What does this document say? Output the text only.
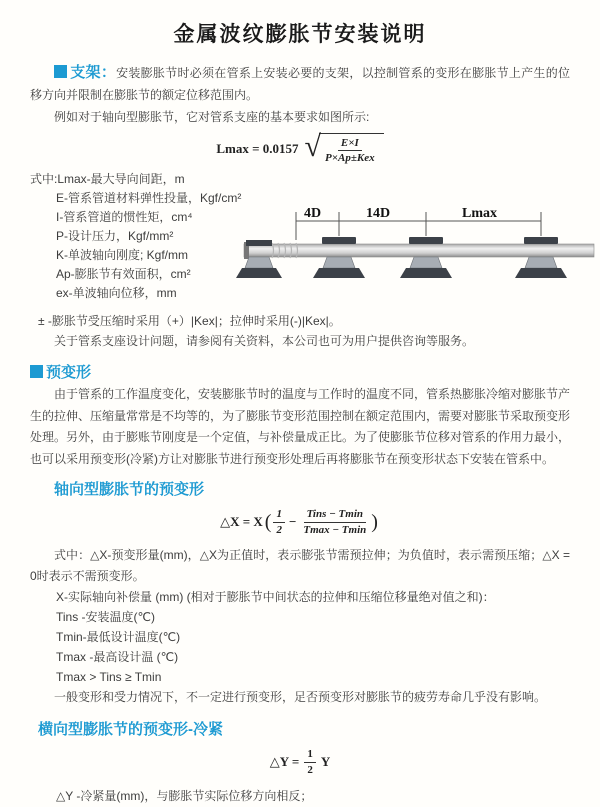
金属波纹膨胀节安装说明

支架：安装膨胀节时必须在管系上安装必要的支架，以控制管系的变形在膨胀节上产生的位移方向并限制在膨胀节的额定位移范围内。

例如对于轴向型膨胀节，它对管系支座的基本要求如图所示:

Lmax = 0.0157 √ E×I
P×Ap±Kex
式中:Lmax-最大导向间距，m
E-管系管道材料弹性投量，Kgf/cm²
I-管系管道的惯性矩，cm⁴
P-设计压力，Kgf/mm²
K-单波轴向刚度; Kgf/mm
Ap-膨胀节有效面积，cm²
ex-单波轴向位移，mm
4D	14D	Lmax

± -膨胀节受压缩时采用（+）|Kex|；拉伸时采用(-)|Kex|。

关于管系支座设计问题，请参阅有关资料，本公司也可为用户提供咨询等服务。

预变形

由于管系的工作温度变化，安装膨胀节时的温度与工作时的温度不同，管系热膨胀冷缩对膨胀节产生的拉伸、压缩量常常是不均等的，为了膨胀节变形范围控制在额定范围内，需要对膨胀节采取预变形处理。另外，由于膨账节刚度是一个定值，与补偿量成正比。为了使膨胀节位移对管系的作用力最小，也可以采用预变形(冷紧)方让对膨胀节进行预变形处理后再将膨胀节在预变形状态下安装在管系中。

轴向型膨胀节的预变形
△X = X ( $\frac{1}{2}$ − Tins − Tmin
Tmax − Tmin )

式中：△X-预变形量(mm)，△X为正值时，表示膨张节需预拉伸；为负值时，表示需预压缩；△X = 0时表示不需预变形。

X-实际轴向补偿量 (mm) (相对于膨胀节中间状态的拉伸和压缩位移量绝对值之和)：
Tins -安装温度(℃)
Tmin-最低设计温度(℃)
Tmax -最高设计温 (℃)
Tmax > Tins ≥ Tmin

一般变形和受力情况下，不一定进行预变形，足否预变形对膨胀节的疲劳寿命几乎没有影响。

横向型膨胀节的预变形-冷紧
△Y = $\frac{1}{2}$ Y

△Y -冷紧量(mm)，与膨胀节实际位移方向相反；
